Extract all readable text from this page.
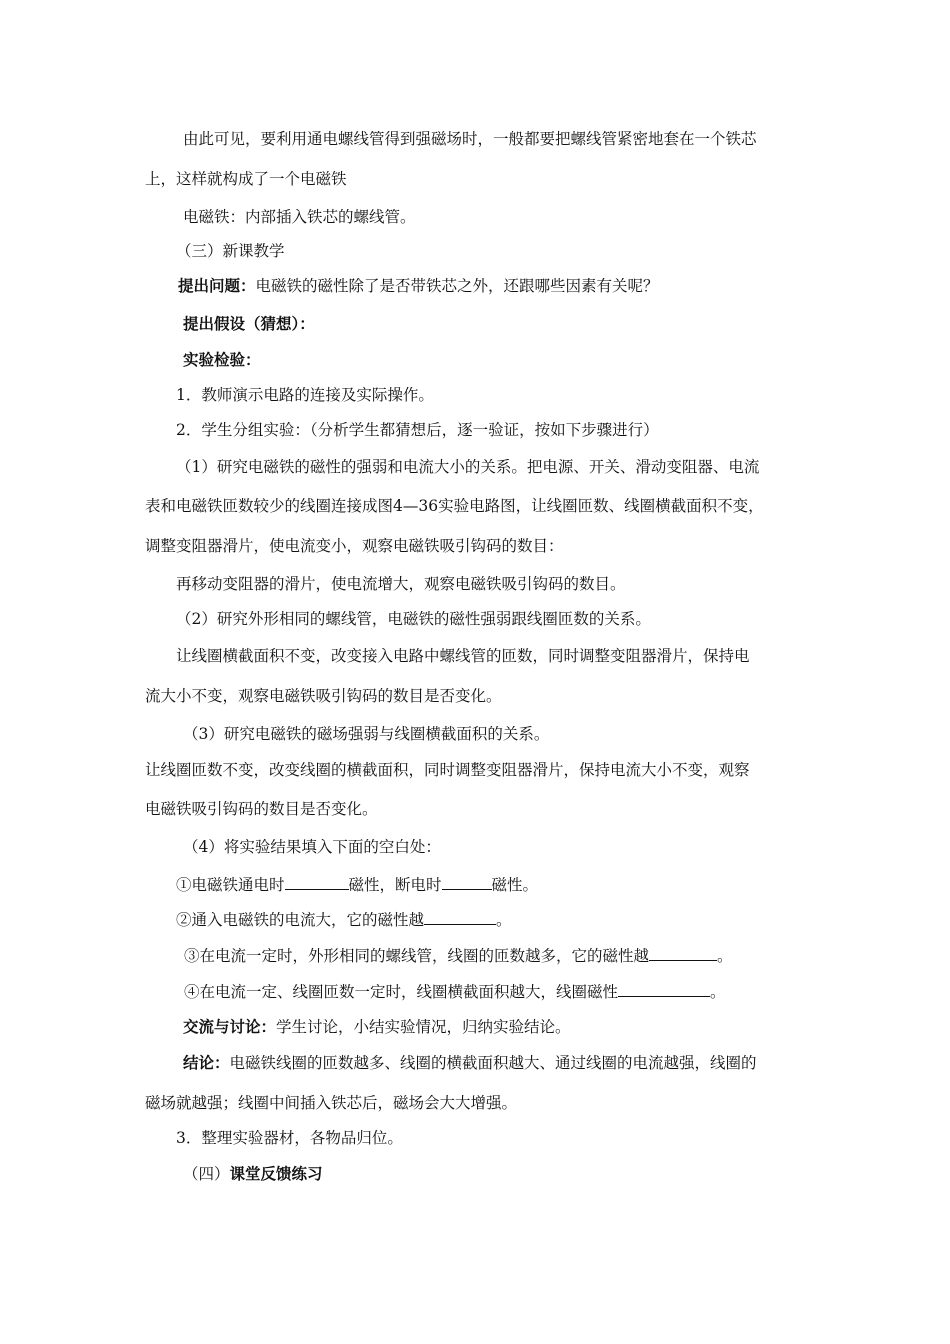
由此可见，要利用通电螺线管得到强磁场时，一般都要把螺线管紧密地套在一个铁芯

上，这样就构成了一个电磁铁

电磁铁：内部插入铁芯的螺线管。

（三）新课教学

提出问题：电磁铁的磁性除了是否带铁芯之外，还跟哪些因素有关呢？

提出假设（猜想）：

实验检验：

1．教师演示电路的连接及实际操作。

2．学生分组实验：（分析学生都猜想后，逐一验证，按如下步骤进行）

（1）研究电磁铁的磁性的强弱和电流大小的关系。把电源、开关、滑动变阻器、电流

表和电磁铁匝数较少的线圈连接成图4—36实验电路图，让线圈匝数、线圈横截面积不变，

调整变阻器滑片，使电流变小，观察电磁铁吸引钩码的数目：

再移动变阻器的滑片，使电流增大，观察电磁铁吸引钩码的数目。

（2）研究外形相同的螺线管，电磁铁的磁性强弱跟线圈匝数的关系。

让线圈横截面积不变，改变接入电路中螺线管的匝数，同时调整变阻器滑片，保持电

流大小不变，观察电磁铁吸引钩码的数目是否变化。

（3）研究电磁铁的磁场强弱与线圈横截面积的关系。

让线圈匝数不变，改变线圈的横截面积，同时调整变阻器滑片，保持电流大小不变，观察

电磁铁吸引钩码的数目是否变化。

（4）将实验结果填入下面的空白处：

①电磁铁通电时	磁性，断电时	磁性。

②通入电磁铁的电流大，它的磁性越	。

③在电流一定时，外形相同的螺线管，线圈的匝数越多，它的磁性越	。

④在电流一定、线圈匝数一定时，线圈横截面积越大，线圈磁性	。

交流与讨论：学生讨论，小结实验情况，归纳实验结论。

结论：电磁铁线圈的匝数越多、线圈的横截面积越大、通过线圈的电流越强，线圈的

磁场就越强；线圈中间插入铁芯后，磁场会大大增强。

3．整理实验器材，各物品归位。

（四）课堂反馈练习
